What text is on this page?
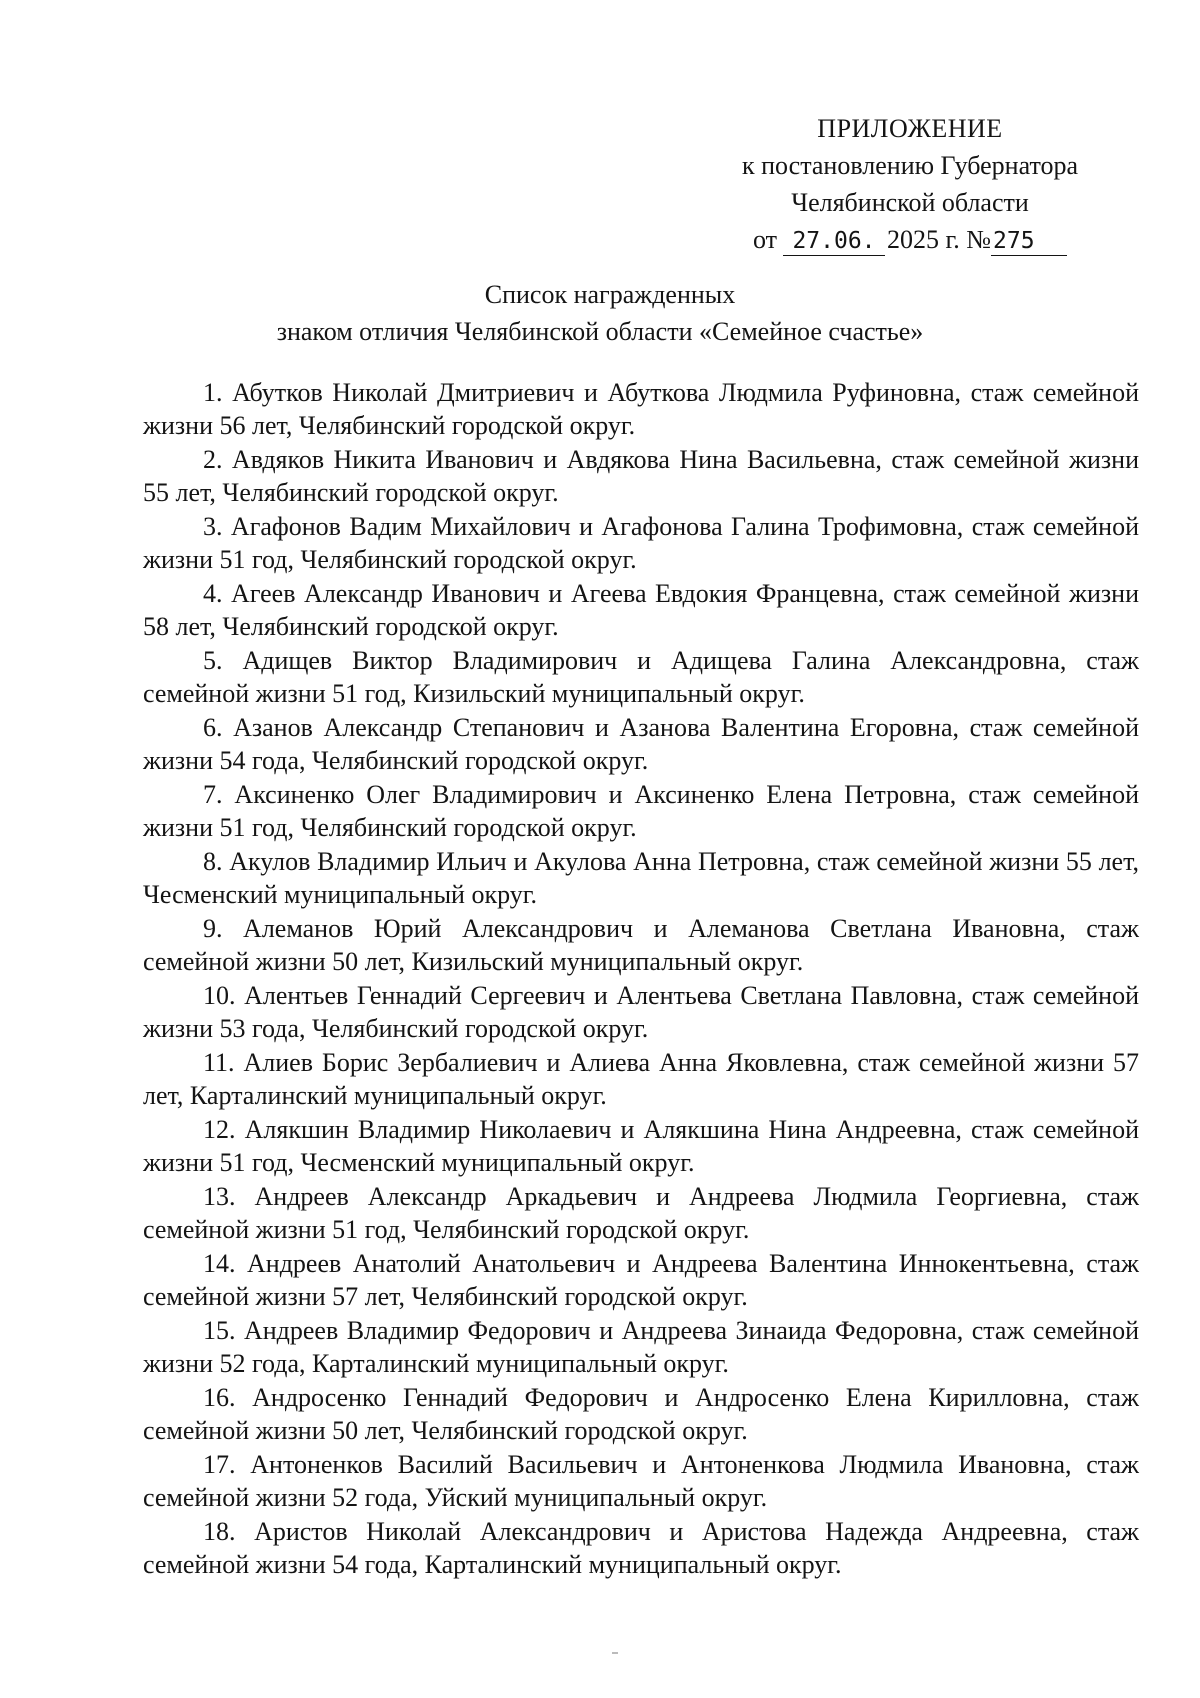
ПРИЛОЖЕНИЕ
к постановлению Губернатора
Челябинской области
от 27.06. 2025 г. №275
Список награжденных
знаком отличия Челябинской области «Семейное счастье»
1. Абутков Николай Дмитриевич и Абуткова Людмила Руфиновна, стаж семейной жизни 56 лет, Челябинский городской округ.
2. Авдяков Никита Иванович и Авдякова Нина Васильевна, стаж семейной жизни 55 лет, Челябинский городской округ.
3. Агафонов Вадим Михайлович и Агафонова Галина Трофимовна, стаж семейной жизни 51 год, Челябинский городской округ.
4. Агеев Александр Иванович и Агеева Евдокия Францевна, стаж семейной жизни 58 лет, Челябинский городской округ.
5. Адищев Виктор Владимирович и Адищева Галина Александровна, стаж семейной жизни 51 год, Кизильский муниципальный округ.
6. Азанов Александр Степанович и Азанова Валентина Егоровна, стаж семейной жизни 54 года, Челябинский городской округ.
7. Аксиненко Олег Владимирович и Аксиненко Елена Петровна, стаж семейной жизни 51 год, Челябинский городской округ.
8. Акулов Владимир Ильич и Акулова Анна Петровна, стаж семейной жизни 55 лет, Чесменский муниципальный округ.
9. Алеманов Юрий Александрович и Алеманова Светлана Ивановна, стаж семейной жизни 50 лет, Кизильский муниципальный округ.
10. Алентьев Геннадий Сергеевич и Алентьева Светлана Павловна, стаж семейной жизни 53 года, Челябинский городской округ.
11. Алиев Борис Зербалиевич и Алиева Анна Яковлевна, стаж семейной жизни 57 лет, Карталинский муниципальный округ.
12. Алякшин Владимир Николаевич и Алякшина Нина Андреевна, стаж семейной жизни 51 год, Чесменский муниципальный округ.
13. Андреев Александр Аркадьевич и Андреева Людмила Георгиевна, стаж семейной жизни 51 год, Челябинский городской округ.
14. Андреев Анатолий Анатольевич и Андреева Валентина Иннокентьевна, стаж семейной жизни 57 лет, Челябинский городской округ.
15. Андреев Владимир Федорович и Андреева Зинаида Федоровна, стаж семейной жизни 52 года, Карталинский муниципальный округ.
16. Андросенко Геннадий Федорович и Андросенко Елена Кирилловна, стаж семейной жизни 50 лет, Челябинский городской округ.
17. Антоненков Василий Васильевич и Антоненкова Людмила Ивановна, стаж семейной жизни 52 года, Уйский муниципальный округ.
18. Аристов Николай Александрович и Аристова Надежда Андреевна, стаж семейной жизни 54 года, Карталинский муниципальный округ.
